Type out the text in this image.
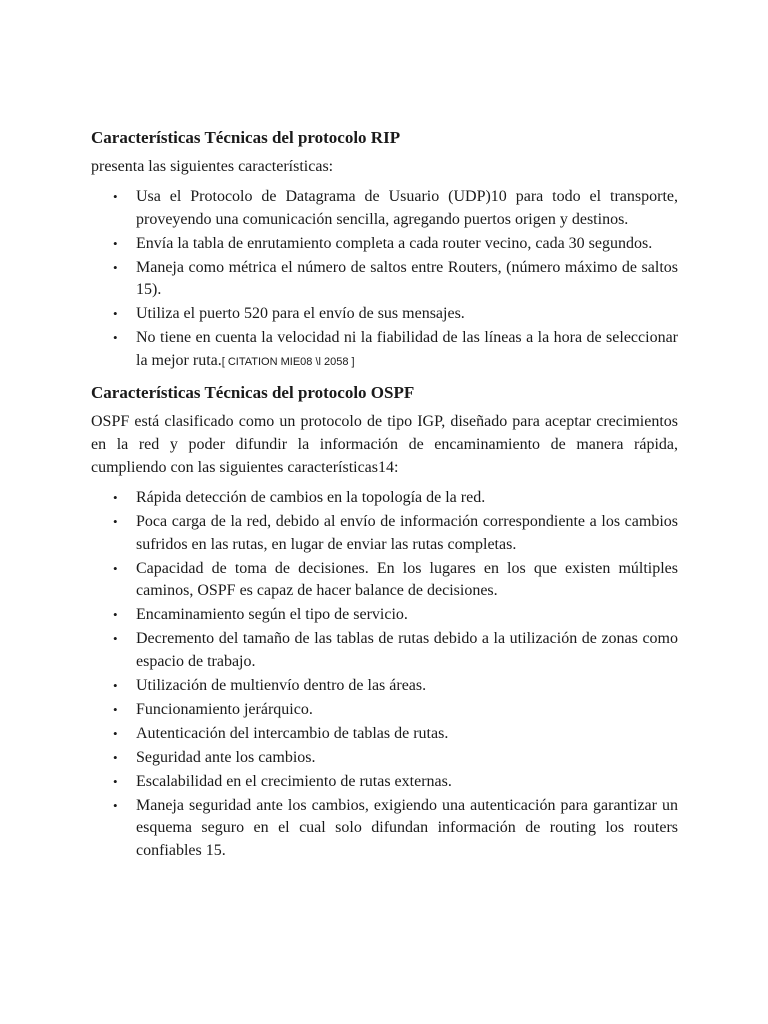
Características Técnicas del protocolo RIP

presenta las siguientes características:

• Usa el Protocolo de Datagrama de Usuario (UDP)10 para todo el transporte, proveyendo una comunicación sencilla, agregando puertos origen y destinos.
• Envía la tabla de enrutamiento completa a cada router vecino, cada 30 segundos.
• Maneja como métrica el número de saltos entre Routers, (número máximo de saltos 15).
• Utiliza el puerto 520 para el envío de sus mensajes.
• No tiene en cuenta la velocidad ni la fiabilidad de las líneas a la hora de seleccionar la mejor ruta.[ CITATION MIE08 \l 2058 ]
Características Técnicas del protocolo OSPF

OSPF está clasificado como un protocolo de tipo IGP, diseñado para aceptar crecimientos en la red y poder difundir la información de encaminamiento de manera rápida, cumpliendo con las siguientes características14:

• Rápida detección de cambios en la topología de la red.
• Poca carga de la red, debido al envío de información correspondiente a los cambios sufridos en las rutas, en lugar de enviar las rutas completas.
• Capacidad de toma de decisiones. En los lugares en los que existen múltiples caminos, OSPF es capaz de hacer balance de decisiones.
• Encaminamiento según el tipo de servicio.
• Decremento del tamaño de las tablas de rutas debido a la utilización de zonas como espacio de trabajo.
• Utilización de multienvío dentro de las áreas.
• Funcionamiento jerárquico.
• Autenticación del intercambio de tablas de rutas.
• Seguridad ante los cambios.
• Escalabilidad en el crecimiento de rutas externas.
• Maneja seguridad ante los cambios, exigiendo una autenticación para garantizar un esquema seguro en el cual solo difundan información de routing los routers confiables 15.
